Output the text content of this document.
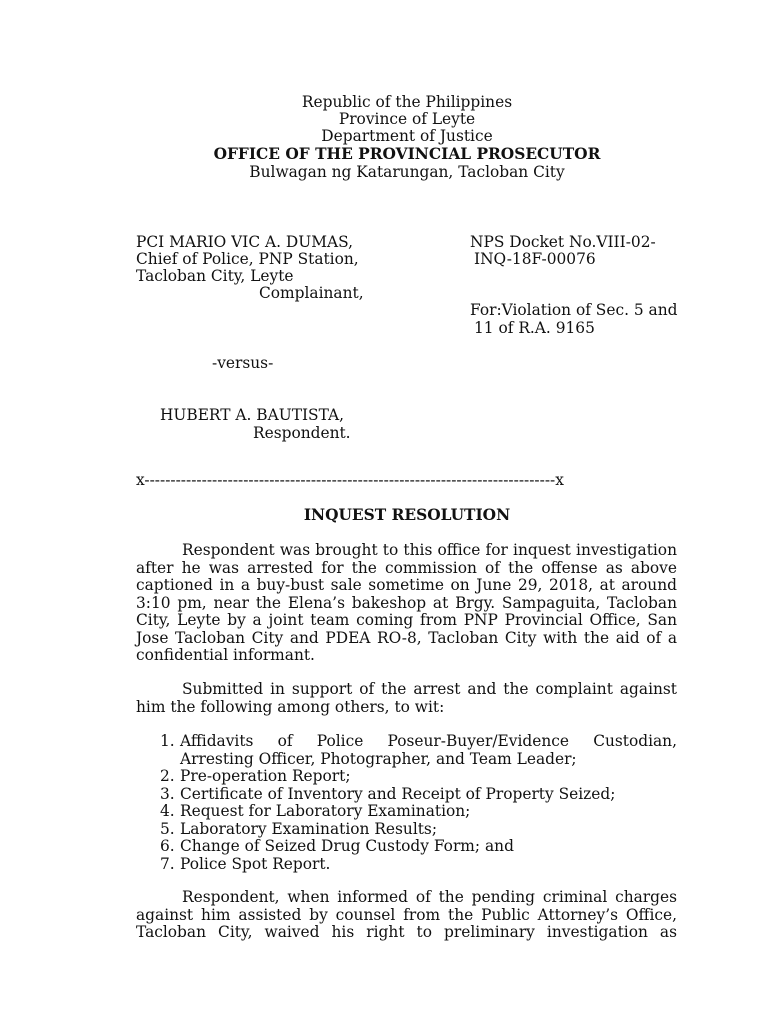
Republic of the Philippines
Province of Leyte
Department of Justice
OFFICE OF THE PROVINCIAL PROSECUTOR
Bulwagan ng Katarungan, Tacloban City
PCI MARIO VIC A. DUMAS,
Chief of Police, PNP Station,
Tacloban City, Leyte
Complainant,
NPS Docket No.VIII-02-
INQ-18F-00076
For:Violation of Sec. 5 and
11 of R.A. 9165
-versus-
HUBERT A. BAUTISTA,
Respondent.
x-------------------------------------------------------------------------------x
INQUEST RESOLUTION
Respondent was brought to this office for inquest investigation
after he was arrested for the commission of the offense as above
captioned in a buy-bust sale sometime on June 29, 2018, at around
3:10 pm, near the Elena’s bakeshop at Brgy. Sampaguita, Tacloban
City, Leyte by a joint team coming from PNP Provincial Office, San
Jose Tacloban City and PDEA RO-8, Tacloban City with the aid of a
confidential informant.
Submitted in support of the arrest and the complaint against
him the following among others, to wit:
1. Affidavits of Police Poseur-Buyer/Evidence Custodian,
Arresting Officer, Photographer, and Team Leader;
2. Pre-operation Report;
3. Certificate of Inventory and Receipt of Property Seized;
4. Request for Laboratory Examination;
5. Laboratory Examination Results;
6. Change of Seized Drug Custody Form; and
7. Police Spot Report.
Respondent, when informed of the pending criminal charges
against him assisted by counsel from the Public Attorney’s Office,
Tacloban City, waived his right to preliminary investigation as
